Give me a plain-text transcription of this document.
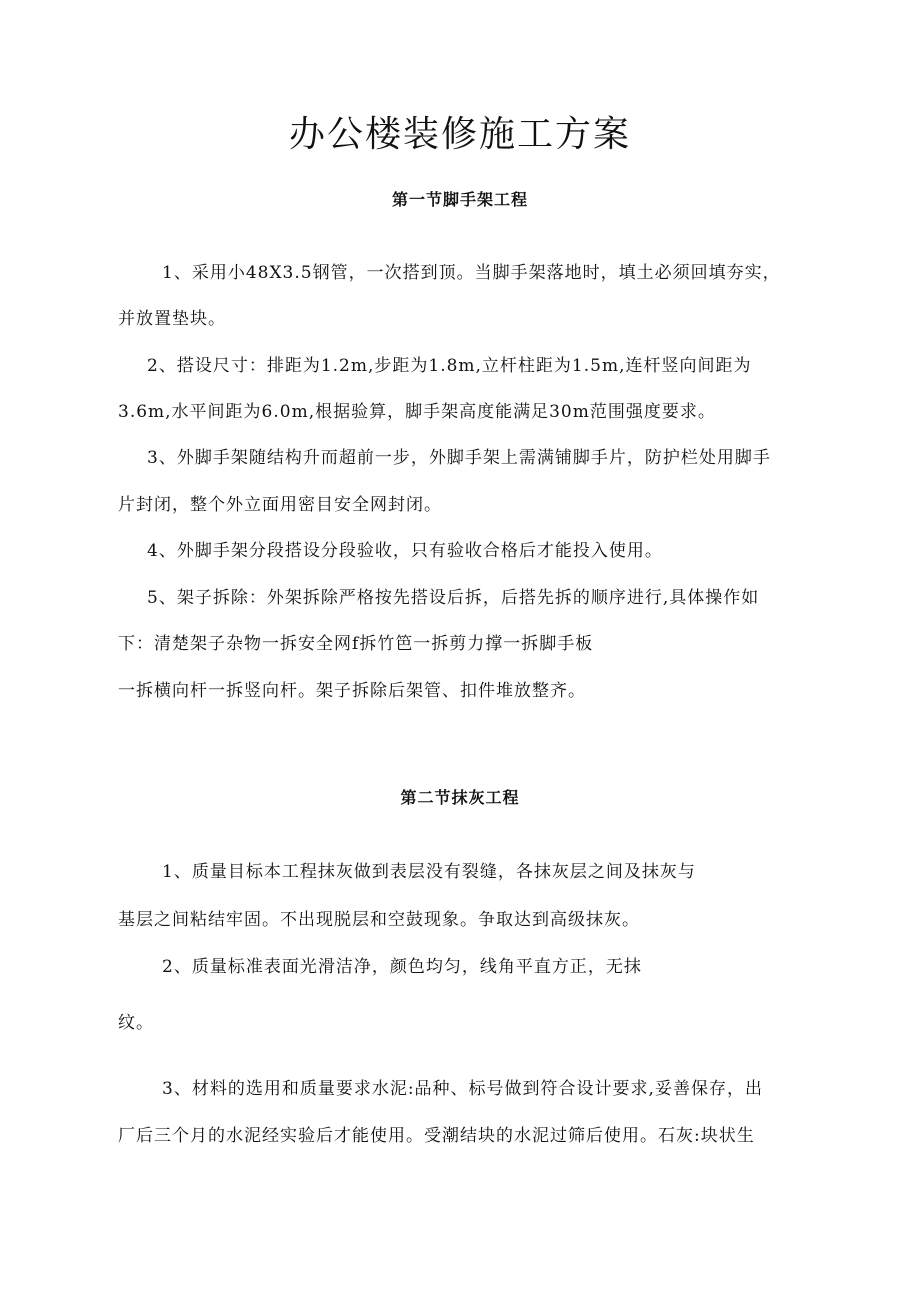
办公楼装修施工方案
第一节脚手架工程
1、采用小48X3.5钢管，一次搭到顶。当脚手架落地时，填土必须回填夯实，
并放置垫块。
2、搭设尺寸：排距为1.2m,步距为1.8m,立杆柱距为1.5m,连杆竖向间距为
3.6m,水平间距为6.0m,根据验算，脚手架高度能满足30m范围强度要求。
3、外脚手架随结构升而超前一步，外脚手架上需满铺脚手片，防护栏处用脚手
片封闭，整个外立面用密目安全网封闭。
4、外脚手架分段搭设分段验收，只有验收合格后才能投入使用。
5、架子拆除：外架拆除严格按先搭设后拆，后搭先拆的顺序进行,具体操作如
下：清楚架子杂物一拆安全网f拆竹笆一拆剪力撑一拆脚手板
一拆横向杆一拆竖向杆。架子拆除后架管、扣件堆放整齐。
第二节抹灰工程
1、质量目标本工程抹灰做到表层没有裂缝，各抹灰层之间及抹灰与
基层之间粘结牢固。不出现脱层和空鼓现象。争取达到高级抹灰。
2、质量标准表面光滑洁净，颜色均匀，线角平直方正，无抹
纹。
3、材料的选用和质量要求水泥:品种、标号做到符合设计要求,妥善保存，出
厂后三个月的水泥经实验后才能使用。受潮结块的水泥过筛后使用。石灰:块状生
